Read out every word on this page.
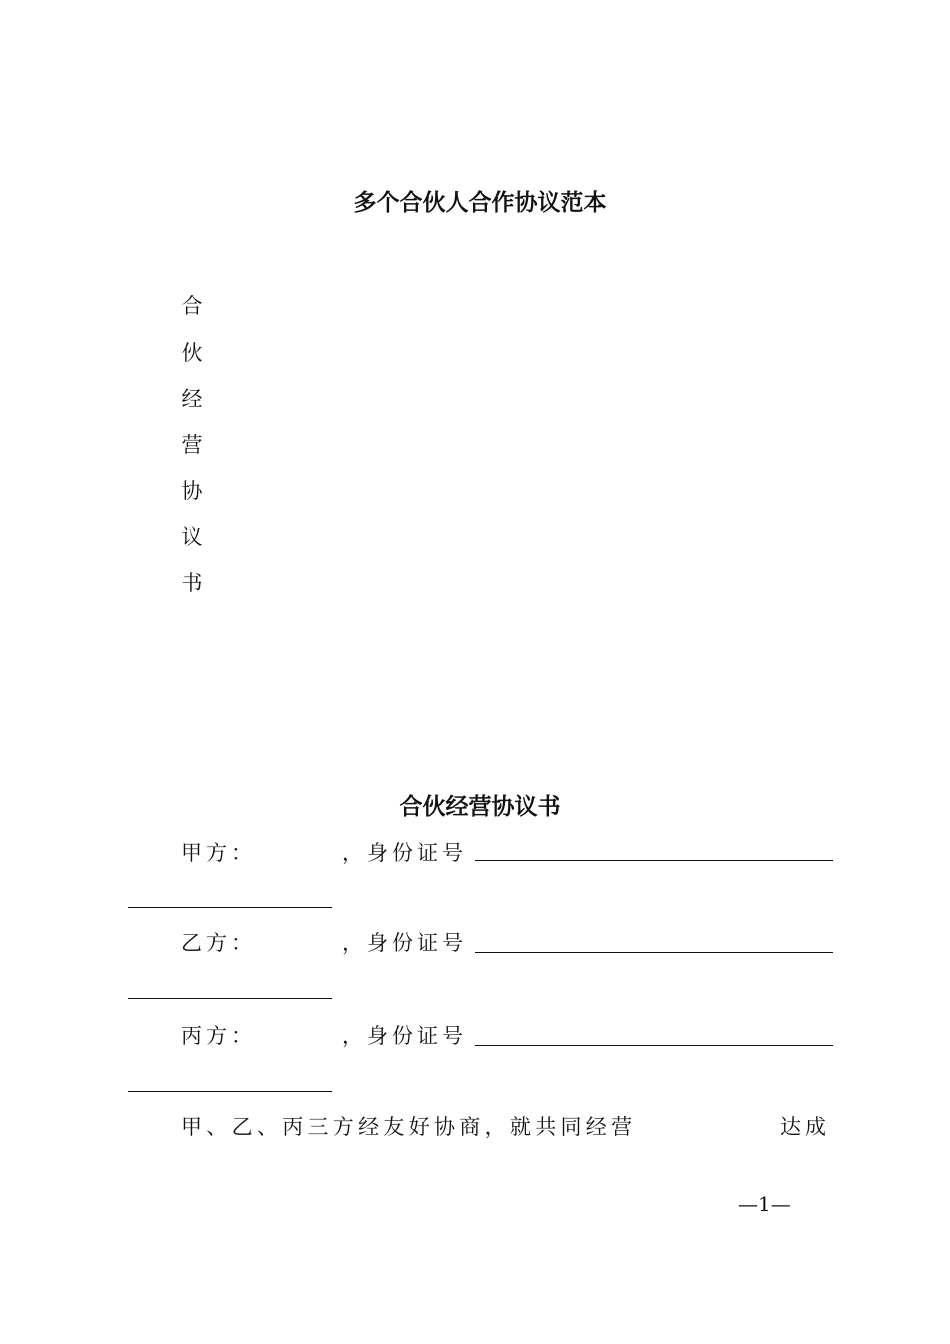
多个合伙人合作协议范本
合
伙
经
营
协
议
书
合伙经营协议书
甲方：	，身份证号
乙方：	，身份证号
丙方：	，身份证号

甲、乙、丙三方经友好协商，就共同经营	达成
—1—
